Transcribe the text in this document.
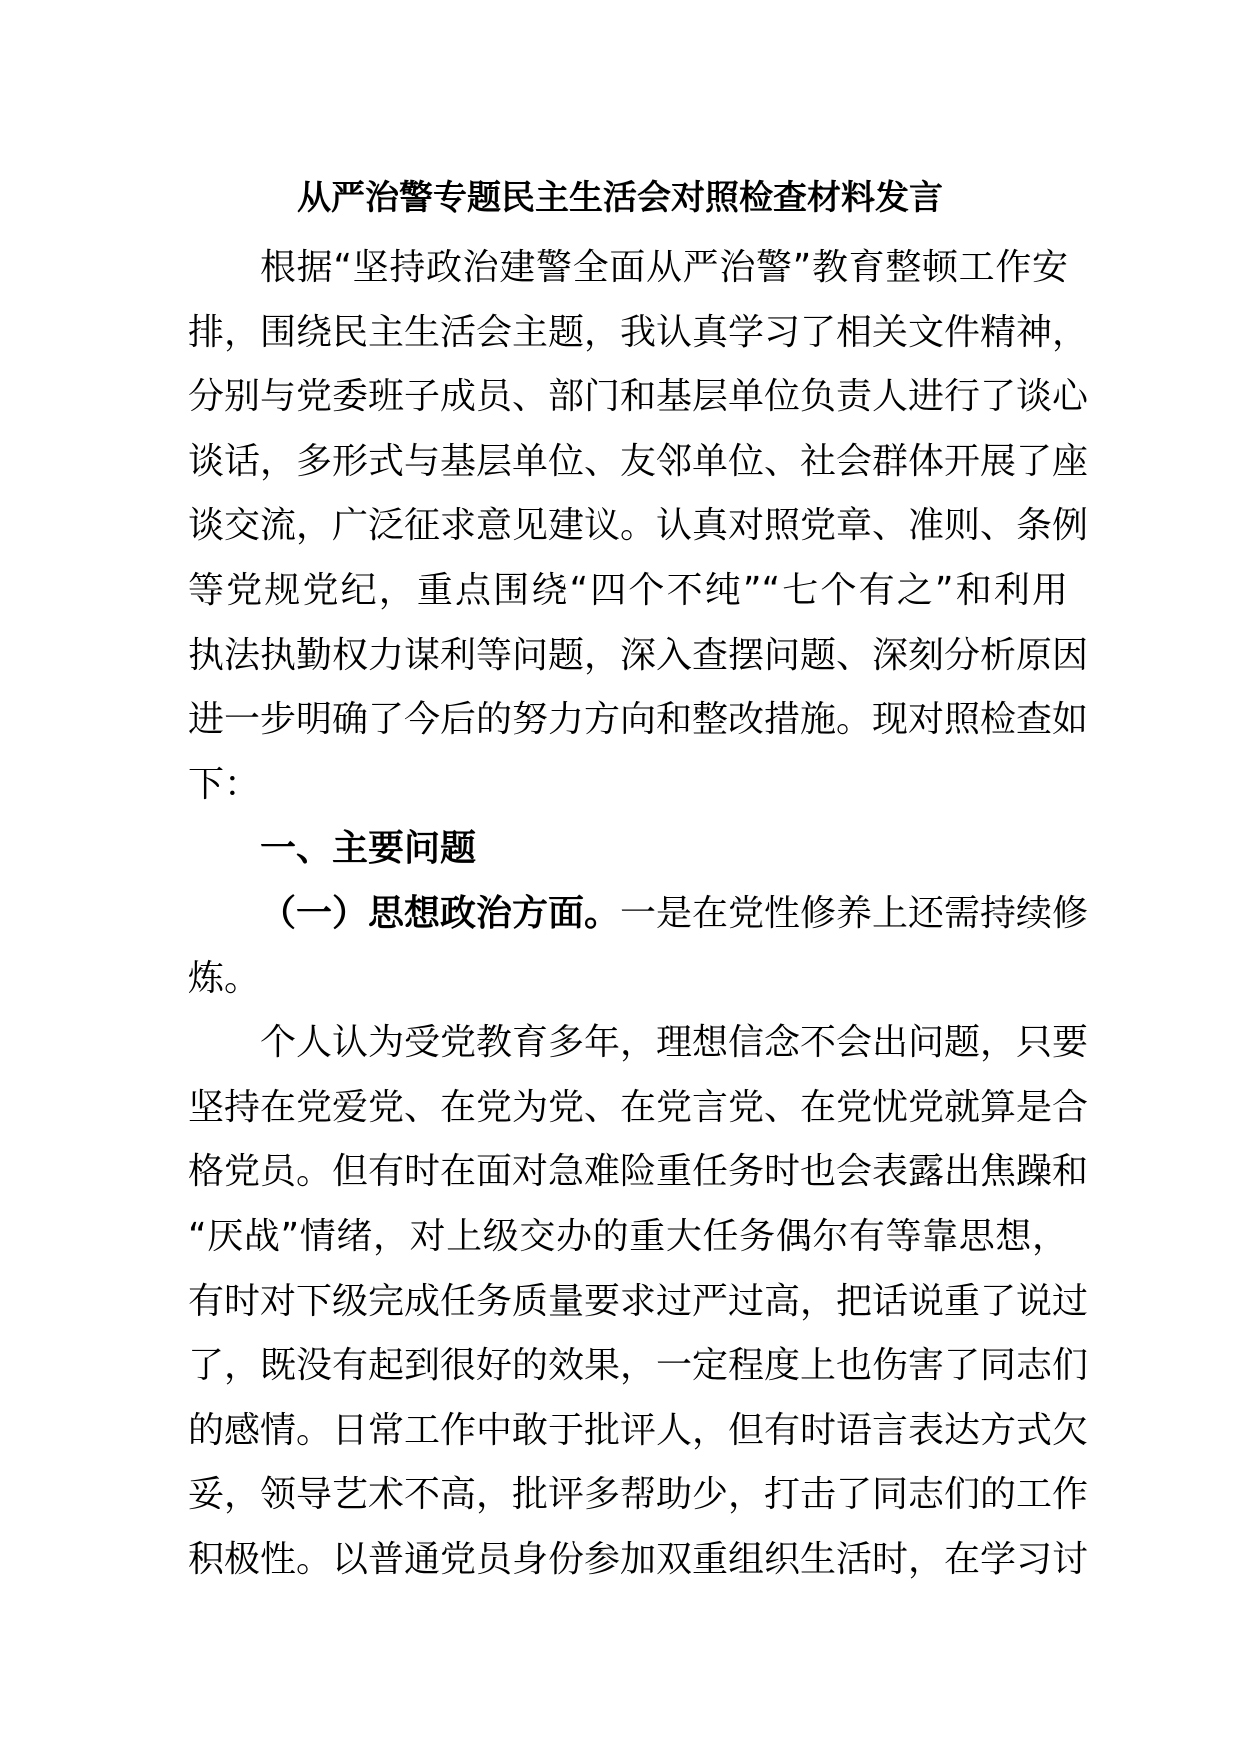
从严治警专题民主生活会对照检查材料发言
根据“坚持政治建警全面从严治警”教育整顿工作安
排，围绕民主生活会主题，我认真学习了相关文件精神，
分别与党委班子成员、部门和基层单位负责人进行了谈心
谈话，多形式与基层单位、友邻单位、社会群体开展了座
谈交流，广泛征求意见建议。认真对照党章、准则、条例
等党规党纪，重点围绕“四个不纯”“七个有之”和利用
执法执勤权力谋利等问题，深入查摆问题、深刻分析原因
进一步明确了今后的努力方向和整改措施。现对照检查如
下：
一、主要问题
（一）思想政治方面。一是在党性修养上还需持续修
炼。
个人认为受党教育多年，理想信念不会出问题，只要
坚持在党爱党、在党为党、在党言党、在党忧党就算是合
格党员。但有时在面对急难险重任务时也会表露出焦躁和
“厌战”情绪，对上级交办的重大任务偶尔有等靠思想，
有时对下级完成任务质量要求过严过高，把话说重了说过
了，既没有起到很好的效果，一定程度上也伤害了同志们
的感情。日常工作中敢于批评人，但有时语言表达方式欠
妥，领导艺术不高，批评多帮助少，打击了同志们的工作
积极性。以普通党员身份参加双重组织生活时，在学习讨
